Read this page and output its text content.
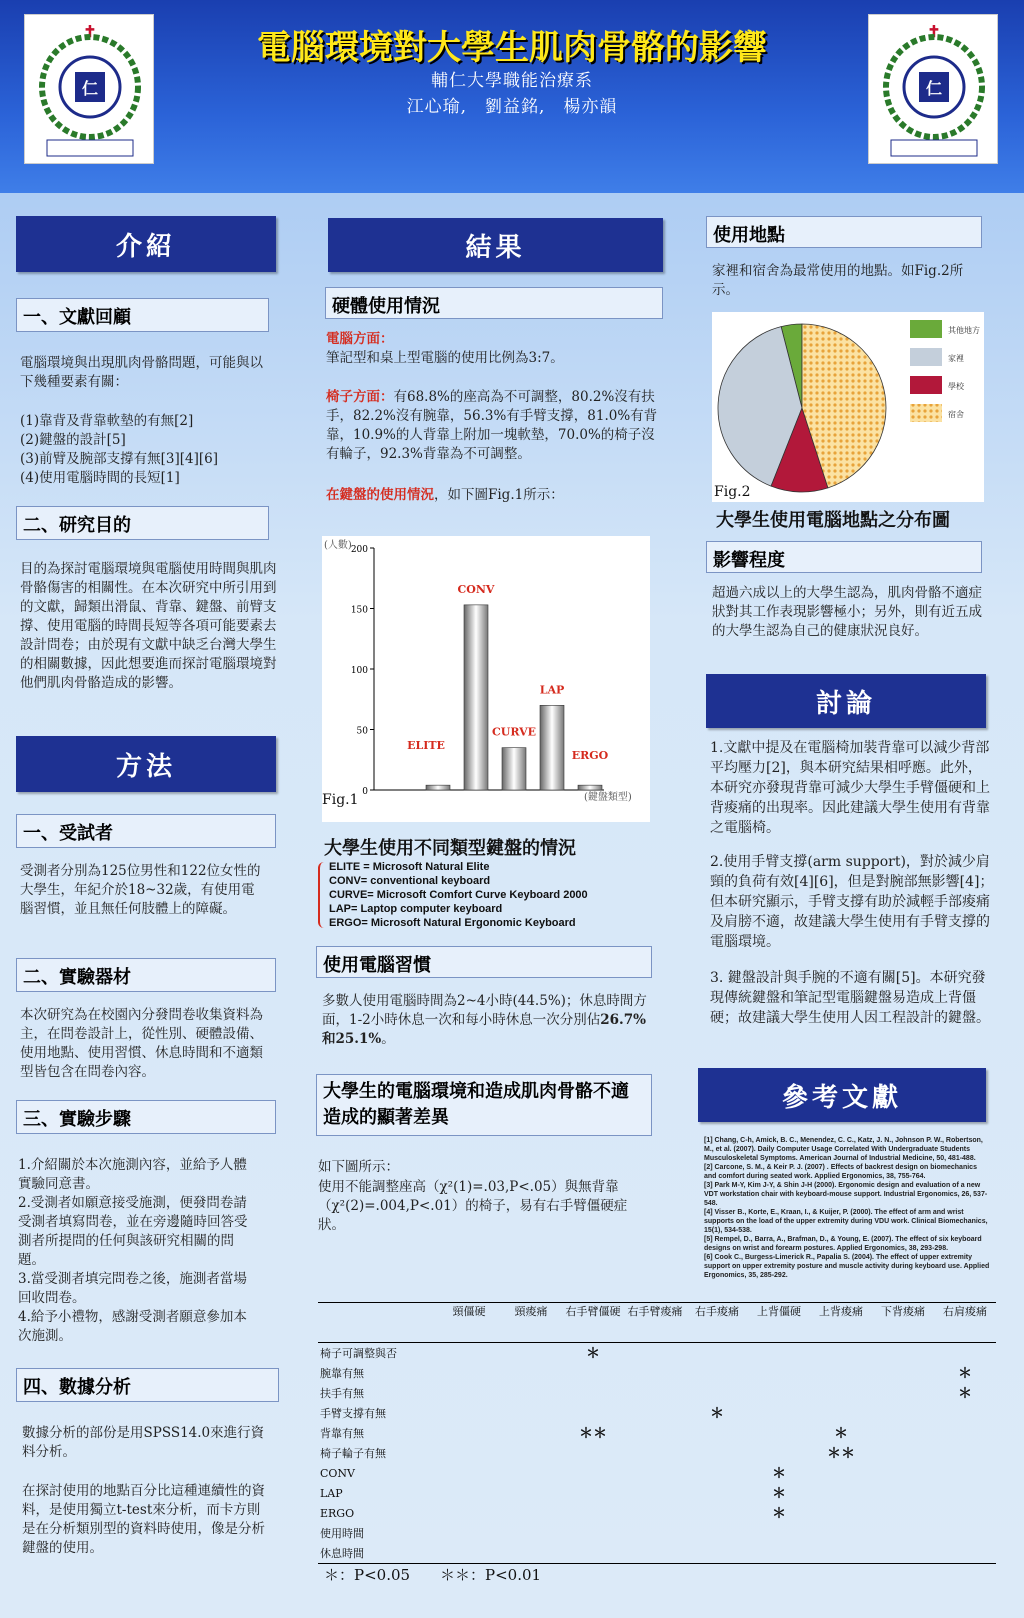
✝
仁
✝
仁
電腦環境對大學生肌肉骨骼的影響
輔仁大學職能治療系
江心瑜,　劉益銘,　楊亦韻
介紹
一、文獻回顧
電腦環境與出現肌肉骨骼問題，可能與以下幾種要素有關：
(1)靠背及背靠軟墊的有無[2]
(2)鍵盤的設計[5]
(3)前臂及腕部支撐有無[3][4][6]
(4)使用電腦時間的長短[1]
二、研究目的
目的為探討電腦環境與電腦使用時間與肌肉骨骼傷害的相關性。在本次研究中所引用到的文獻，歸類出滑鼠、背靠、鍵盤、前臂支撐、使用電腦的時間長短等各項可能要素去設計問卷；由於現有文獻中缺乏台灣大學生的相關數據，因此想要進而探討電腦環境對他們肌肉骨骼造成的影響。
方法
一、受試者
受測者分別為125位男性和122位女性的大學生，年紀介於18~32歲，有使用電腦習慣，並且無任何肢體上的障礙。
二、實驗器材
本次研究為在校園內分發問卷收集資料為主，在問卷設計上，從性別、硬體設備、使用地點、使用習慣、休息時間和不適類型皆包含在問卷內容。
三、實驗步驟
1.介紹關於本次施測內容，並給予人體實驗同意書。
2.受測者如願意接受施測，便發問卷請受測者填寫問卷，並在旁邊隨時回答受測者所提問的任何與該研究相關的問題。
3.當受測者填完問卷之後，施測者當場回收問卷。
4.給予小禮物，感謝受測者願意參加本次施測。
四、數據分析
數據分析的部份是用SPSS14.0來進行資料分析。
在探討使用的地點百分比這種連續性的資料，是使用獨立t-test來分析，而卡方則是在分析類別型的資料時使用，像是分析鍵盤的使用。
結果
硬體使用情況
電腦方面：
筆記型和桌上型電腦的使用比例為3:7。
椅子方面：有68.8%的座高為不可調整，80.2%沒有扶手，82.2%沒有腕靠，56.3%有手臂支撐，81.0%有背靠，10.9%的人背靠上附加一塊軟墊，70.0%的椅子沒有輪子，92.3%背靠為不可調整。
在鍵盤的使用情況，如下圖Fig.1所示：
0
50
100
150
200
(人數)
(鍵盤類型)
ELITE
CONV
CURVE
LAP
ERGO
Fig.1
大學生使用不同類型鍵盤的情況
ELITE = Microsoft Natural Elite
CONV= conventional keyboard
CURVE= Microsoft Comfort Curve Keyboard 2000
LAP= Laptop computer keyboard
ERGO= Microsoft Natural Ergonomic Keyboard
使用電腦習慣
多數人使用電腦時間為2~4小時(44.5%)；休息時間方面，1-2小時休息一次和每小時休息一次分別佔26.7%和25.1%。
大學生的電腦環境和造成肌肉骨骼不適造成的顯著差異
如下圖所示：
使用不能調整座高（χ²(1)=.03,P<.05）與無背靠（χ²(2)=.004,P<.01）的椅子，易有右手臂僵硬症狀。
	頸僵硬	頸痠痛	右手臂僵硬	右手臂痠痛	右手痠痛	上背僵硬	上背痠痛	下背痠痛	右肩痠痛
椅子可調整與否			＊						
腕靠有無									＊
扶手有無									＊
手臂支撐有無					＊				
背靠有無			＊＊				＊		
椅子輪子有無							＊＊		
CONV						＊			
LAP						＊			
ERGO						＊			
使用時間									
休息時間									
＊：P<0.05 ＊＊：P<0.01
使用地點
家裡和宿舍為最常使用的地點。如Fig.2所示。
其他地方
家裡
學校
宿舍
Fig.2
大學生使用電腦地點之分布圖
影響程度
超過六成以上的大學生認為，肌肉骨骼不適症狀對其工作表現影響極小；另外，則有近五成的大學生認為自己的健康狀況良好。
討論
1.文獻中提及在電腦椅加裝背靠可以減少背部平均壓力[2]，與本研究結果相呼應。此外，本研究亦發現背靠可減少大學生手臂僵硬和上背痠痛的出現率。因此建議大學生使用有背靠之電腦椅。
2.使用手臂支撐(arm support)，對於減少肩頸的負荷有效[4][6]，但是對腕部無影響[4]；但本研究顯示，手臂支撐有助於減輕手部痠痛及肩膀不適，故建議大學生使用有手臂支撐的電腦環境。
3. 鍵盤設計與手腕的不適有關[5]。本研究發現傳統鍵盤和筆記型電腦鍵盤易造成上背僵硬；故建議大學生使用人因工程設計的鍵盤。
參考文獻
[1] Chang, C-h, Amick, B. C., Menendez, C. C., Katz, J. N., Johnson P. W., Robertson, M., et al. (2007). Daily Computer Usage Correlated With Undergraduate Students Musculoskeletal Symptoms. American Journal of Industrial Medicine, 50, 481-488.
[2] Carcone, S. M., & Keir P. J. (2007) . Effects of backrest design on biomechanics and comfort during seated work. Applied Ergonomics, 38, 755-764.
[3] Park M-Y, Kim J-Y, & Shin J-H (2000). Ergonomic design and evaluation of a new VDT workstation chair with keyboard-mouse support. Industrial Ergonomics, 26, 537-548.
[4] Visser B., Korte, E., Kraan, I., & Kuijer, P. (2000). The effect of arm and wrist supports on the load of the upper extremity during VDU work. Clinical Biomechanics, 15(1), 534-538.
[5] Rempel, D., Barra, A., Brafman, D., & Young, E. (2007). The effect of six keyboard designs on wrist and forearm postures. Applied Ergonomics, 38, 293-298.
[6] Cook C., Burgess-Limerick R., Papalia S. (2004). The effect of upper extremity support on upper extremity posture and muscle activity during keyboard use. Applied Ergonomics, 35, 285-292.
